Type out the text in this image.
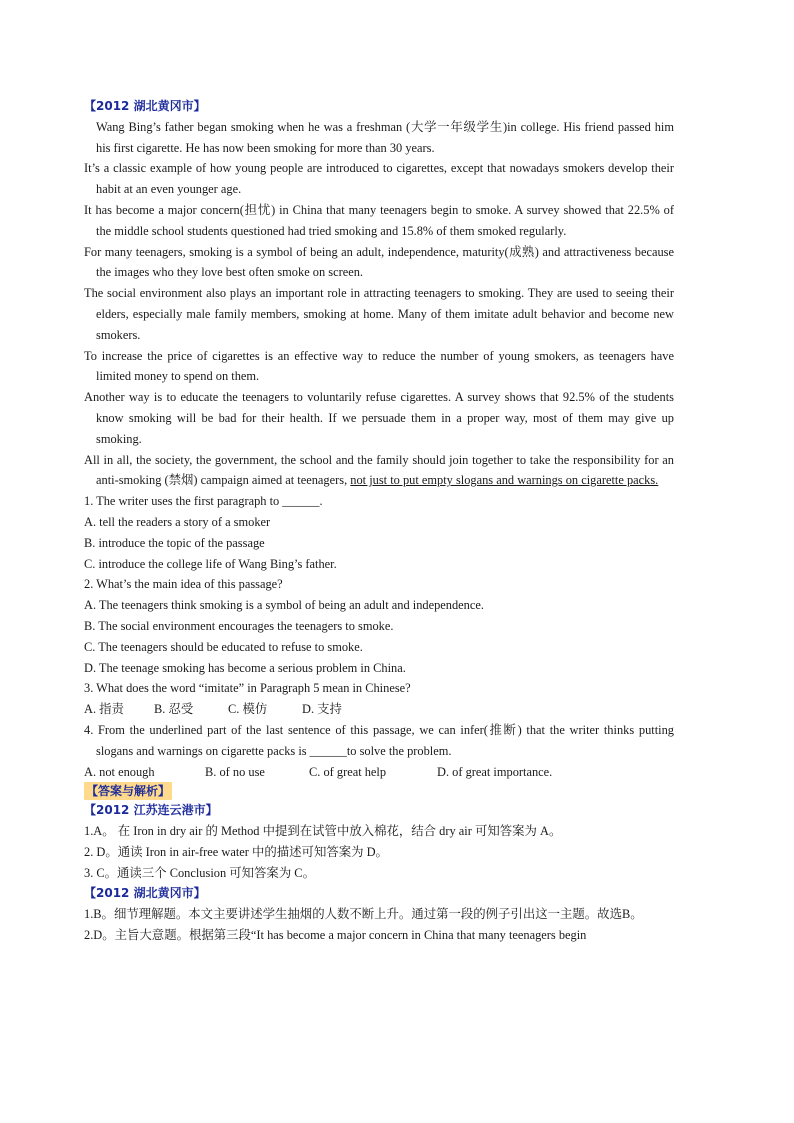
【2012 湖北黄冈市】
Wang Bing’s father began smoking when he was a freshman (大学一年级学生)in college. His friend passed him his first cigarette. He has now been smoking for more than 30 years.
It’s a classic example of how young people are introduced to cigarettes, except that nowadays smokers develop their habit at an even younger age.
It has become a major concern(担忧) in China that many teenagers begin to smoke. A survey showed that 22.5% of the middle school students questioned had tried smoking and 15.8% of them smoked regularly.
For many teenagers, smoking is a symbol of being an adult, independence, maturity(成熟) and attractiveness because the images who they love best often smoke on screen.
The social environment also plays an important role in attracting teenagers to smoking. They are used to seeing their elders, especially male family members, smoking at home. Many of them imitate adult behavior and become new smokers.
To increase the price of cigarettes is an effective way to reduce the number of young smokers, as teenagers have limited money to spend on them.
Another way is to educate the teenagers to voluntarily refuse cigarettes. A survey shows that 92.5% of the students know smoking will be bad for their health. If we persuade them in a proper way, most of them may give up smoking.
All in all, the society, the government, the school and the family should join together to take the responsibility for an anti-smoking (禁烟) campaign aimed at teenagers, not just to put empty slogans and warnings on cigarette packs.
1. The writer uses the first paragraph to ______.
A. tell the readers a story of a smoker
B. introduce the topic of the passage
C. introduce the college life of Wang Bing’s father.
2. What’s the main idea of this passage?
A. The teenagers think smoking is a symbol of being an adult and independence.
B. The social environment encourages the teenagers to smoke.
C. The teenagers should be educated to refuse to smoke.
D. The teenage smoking has become a serious problem in China.
3. What does the word “imitate” in Paragraph 5 mean in Chinese?
A. 指责	B. 忍受	C. 模仿	D. 支持
4. From the underlined part of the last sentence of this passage, we can infer(推断) that the writer thinks putting slogans and warnings on cigarette packs is ______to solve the problem.
A. not enough	B. of no use	C. of great help	D. of great importance.
【答案与解析】
【2012 江苏连云港市】
1.A。 在 Iron in dry air 的 Method 中提到在试管中放入棉花，结合 dry air 可知答案为 A。
2. D。通读 Iron in air-free water 中的描述可知答案为 D。
3. C。通读三个 Conclusion 可知答案为 C。
【2012 湖北黄冈市】
1.B。细节理解题。本文主要讲述学生抽烟的人数不断上升。通过第一段的例子引出这一主题。故选B。
2.D。主旨大意题。根据第三段“It has become a major concern in China that many teenagers begin
